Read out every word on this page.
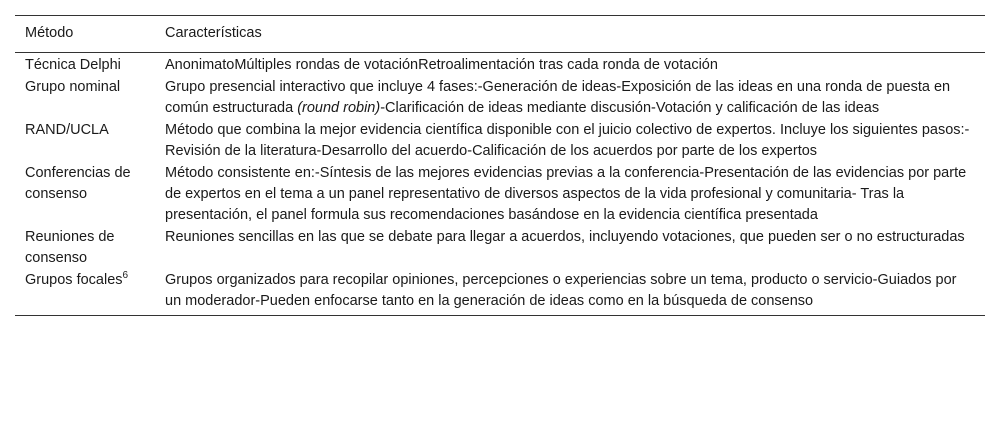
Método	Características
Técnica Delphi	AnonimatoMúltiples rondas de votaciónRetroalimentación tras cada ronda de votación
Grupo nominal	Grupo presencial interactivo que incluye 4 fases:-Generación de ideas-Exposición de las ideas en una ronda de puesta en común estructurada (round robin)-Clarificación de ideas mediante discusión-Votación y calificación de las ideas
RAND/UCLA	Método que combina la mejor evidencia científica disponible con el juicio colectivo de expertos. Incluye los siguientes pasos:-Revisión de la literatura-Desarrollo del acuerdo-Calificación de los acuerdos por parte de los expertos
Conferencias de consenso	Método consistente en:-Síntesis de las mejores evidencias previas a la conferencia-Presentación de las evidencias por parte de expertos en el tema a un panel representativo de diversos aspectos de la vida profesional y comunitaria- Tras la presentación, el panel formula sus recomendaciones basándose en la evidencia científica presentada
Reuniones de consenso	Reuniones sencillas en las que se debate para llegar a acuerdos, incluyendo votaciones, que pueden ser o no estructuradas
Grupos focales$^6$	Grupos organizados para recopilar opiniones, percepciones o experiencias sobre un tema, producto o servicio-Guiados por un moderador-Pueden enfocarse tanto en la generación de ideas como en la búsqueda de consenso
